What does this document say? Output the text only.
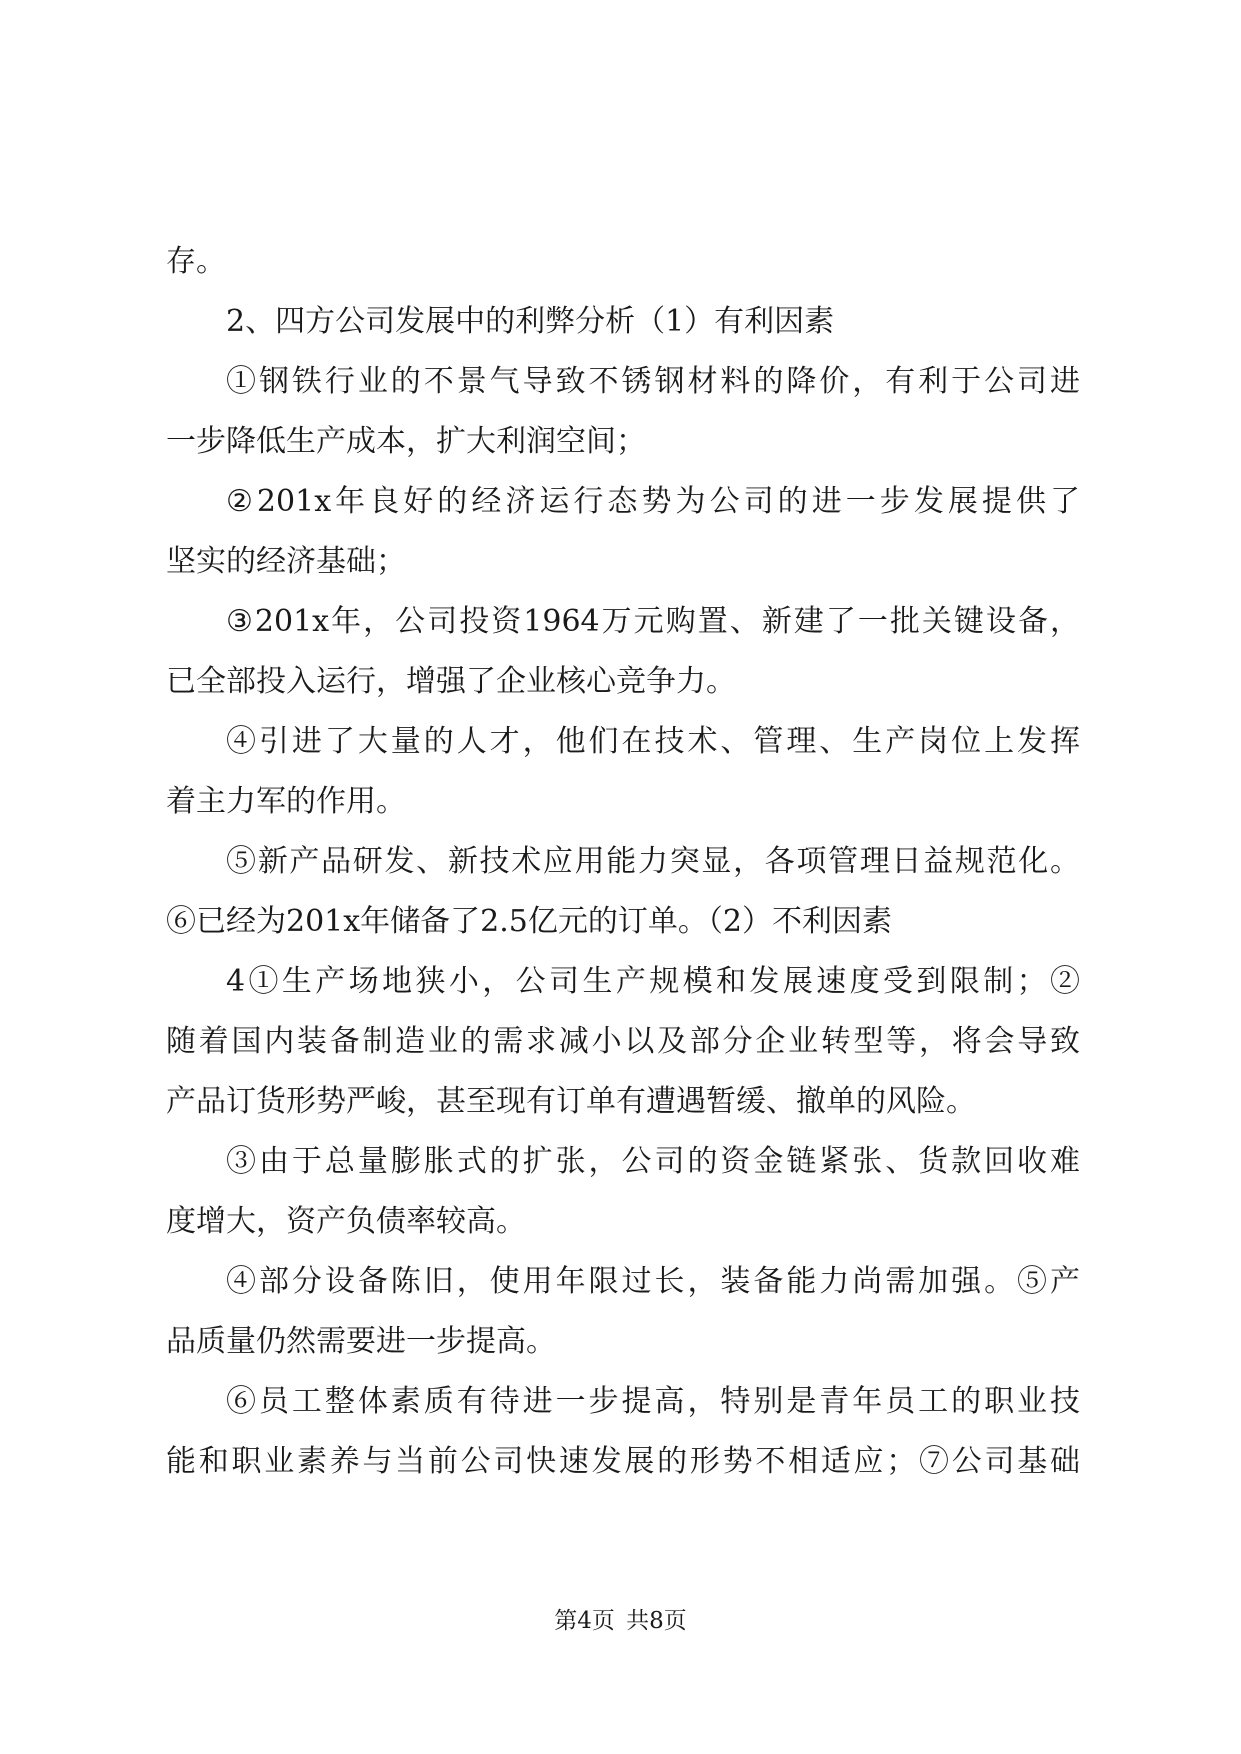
存。
2、四方公司发展中的利弊分析（1）有利因素
①钢铁行业的不景气导致不锈钢材料的降价，有利于公司进
一步降低生产成本，扩大利润空间；
②201x年良好的经济运行态势为公司的进一步发展提供了
坚实的经济基础；
③201x年，公司投资1964万元购置、新建了一批关键设备，
已全部投入运行，增强了企业核心竞争力。
④引进了大量的人才，他们在技术、管理、生产岗位上发挥
着主力军的作用。
⑤新产品研发、新技术应用能力突显，各项管理日益规范化。
⑥已经为201x年储备了2.5亿元的订单。（2）不利因素
4①生产场地狭小，公司生产规模和发展速度受到限制；②
随着国内装备制造业的需求减小以及部分企业转型等，将会导致
产品订货形势严峻，甚至现有订单有遭遇暂缓、撤单的风险。
③由于总量膨胀式的扩张，公司的资金链紧张、货款回收难
度增大，资产负债率较高。
④部分设备陈旧，使用年限过长，装备能力尚需加强。⑤产
品质量仍然需要进一步提高。
⑥员工整体素质有待进一步提高，特别是青年员工的职业技
能和职业素养与当前公司快速发展的形势不相适应；⑦公司基础
第4页 共8页
